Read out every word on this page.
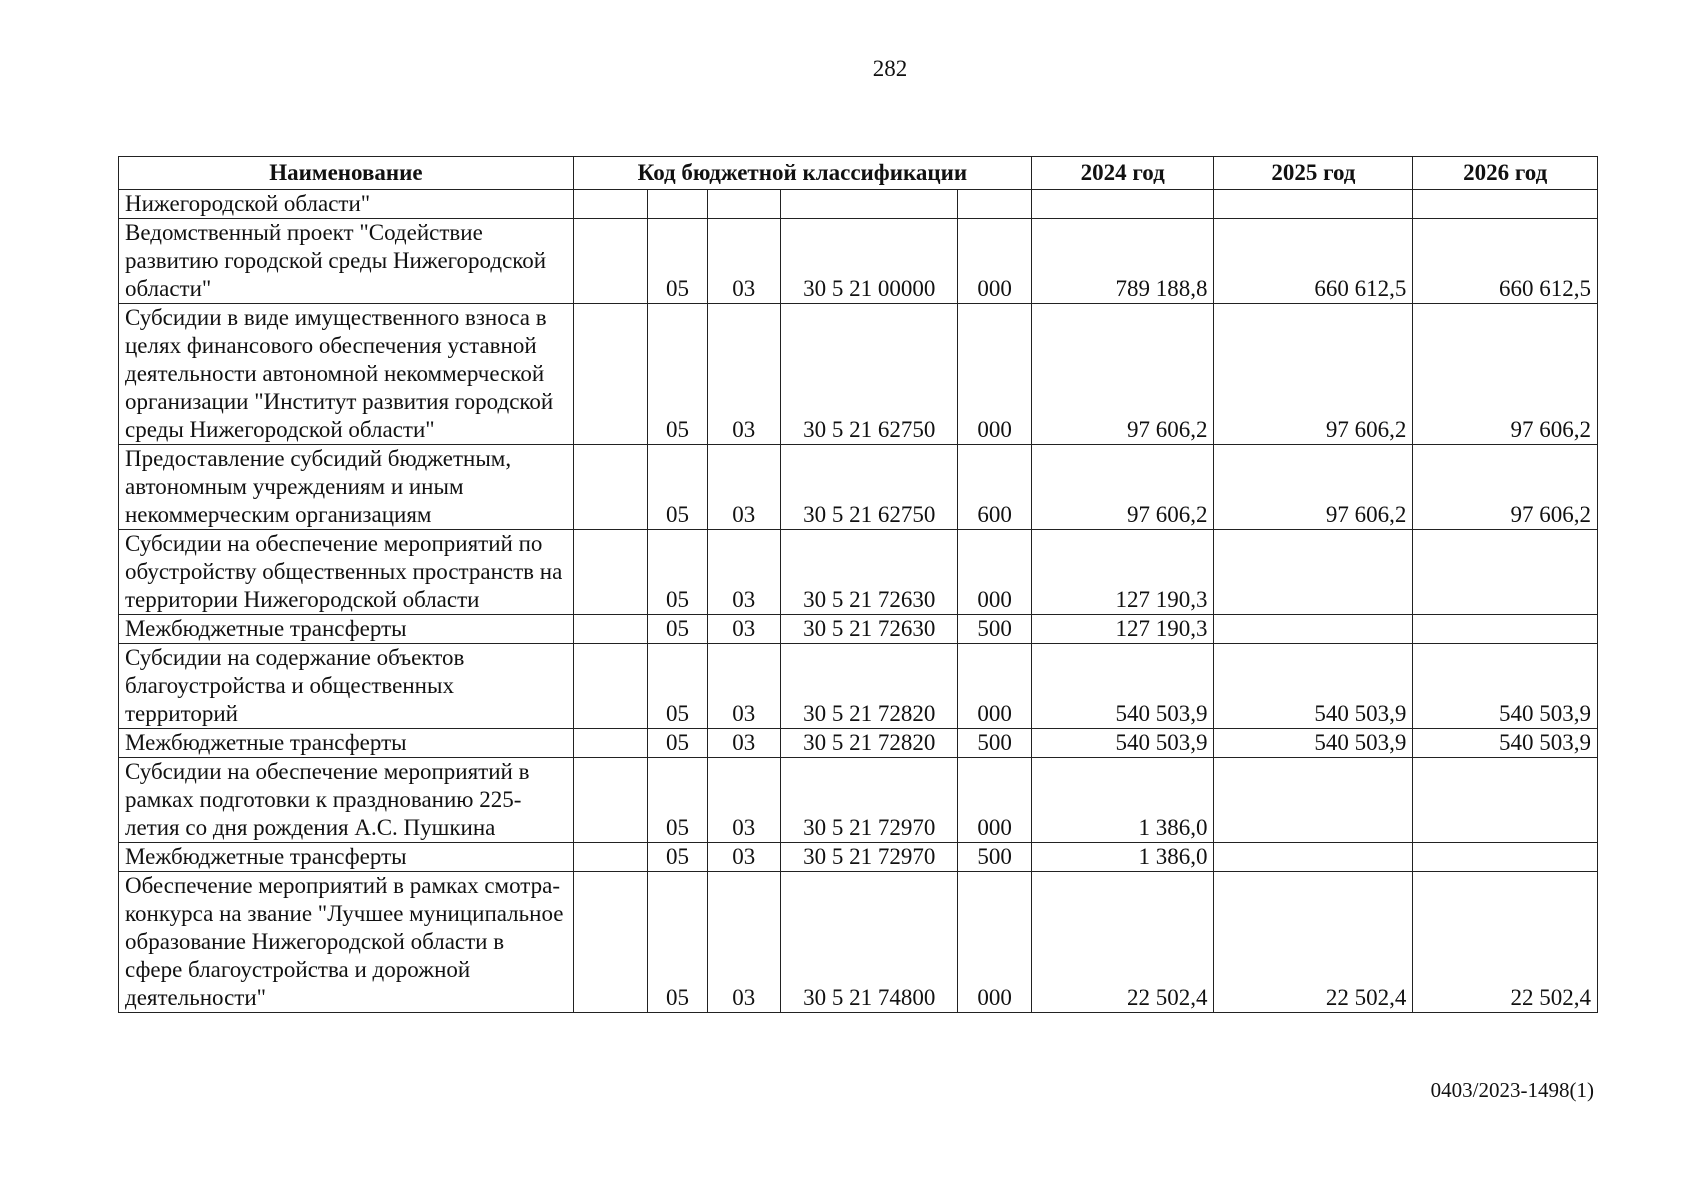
282
Наименование	Код бюджетной классификации					2024 год	2025 год	2026 год
Нижегородской области"								
Ведомственный проект "Содействие развитию городской среды Нижегородской области"		05	03	30 5 21 00000	000	789 188,8	660 612,5	660 612,5
Субсидии в виде имущественного взноса в целях финансового обеспечения уставной деятельности автономной некоммерческой организации "Институт развития городской среды Нижегородской области"		05	03	30 5 21 62750	000	97 606,2	97 606,2	97 606,2
Предоставление субсидий бюджетным, автономным учреждениям и иным некоммерческим организациям		05	03	30 5 21 62750	600	97 606,2	97 606,2	97 606,2
Субсидии на обеспечение мероприятий по обустройству общественных пространств на территории Нижегородской области		05	03	30 5 21 72630	000	127 190,3		
Межбюджетные трансферты		05	03	30 5 21 72630	500	127 190,3		
Субсидии на содержание объектов благоустройства и общественных территорий		05	03	30 5 21 72820	000	540 503,9	540 503,9	540 503,9
Межбюджетные трансферты		05	03	30 5 21 72820	500	540 503,9	540 503,9	540 503,9
Субсидии на обеспечение мероприятий в рамках подготовки к празднованию 225-летия со дня рождения А.С. Пушкина		05	03	30 5 21 72970	000	1 386,0		
Межбюджетные трансферты		05	03	30 5 21 72970	500	1 386,0		
Обеспечение мероприятий в рамках смотра-конкурса на звание "Лучшее муниципальное образование Нижегородской области в сфере благоустройства и дорожной деятельности"		05	03	30 5 21 74800	000	22 502,4	22 502,4	22 502,4
0403/2023-1498(1)
